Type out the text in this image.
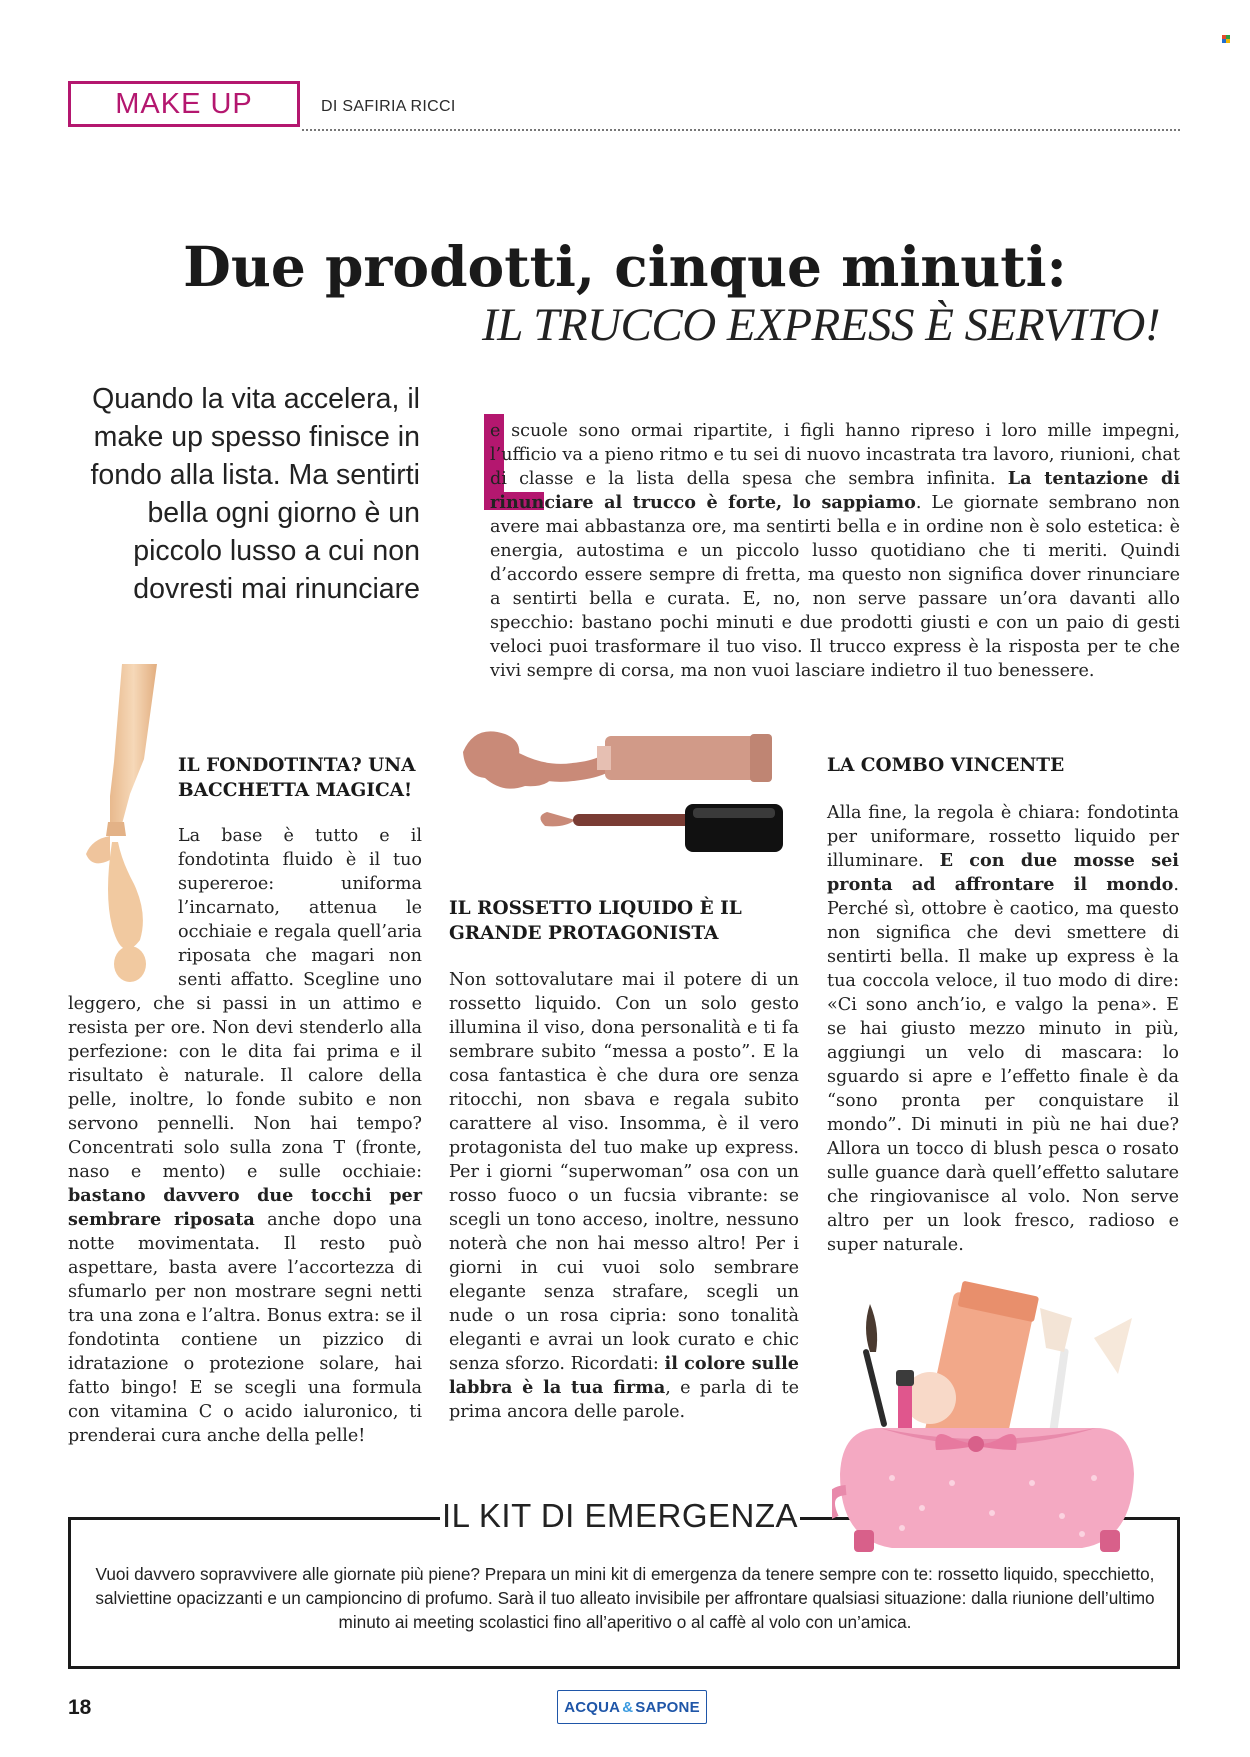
MAKE UP	DI SAFIRIA RICCI
Due prodotti, cinque minuti:
IL TRUCCO EXPRESS È SERVITO!
Quando la vita accelera, il make up spesso finisce in fondo alla lista. Ma sentirti bella ogni giorno è un piccolo lusso a cui non dovresti mai rinunciare
e scuole sono ormai ripartite, i figli hanno ripreso i loro mille impegni, l’ufficio va a pieno ritmo e tu sei di nuovo incastrata tra lavoro, riunioni, chat di classe e la lista della spesa che sembra infinita. La tentazione di rinunciare al trucco è forte, lo sappiamo. Le giornate sembrano non avere mai abbastanza ore, ma sentirti bella e in ordine non è solo estetica: è energia, autostima e un piccolo lusso quotidiano che ti meriti. Quindi d’accordo essere sempre di fretta, ma questo non significa dover rinunciare a sentirti bella e curata. E, no, non serve passare un’ora davanti allo specchio: bastano pochi minuti e due prodotti giusti e con un paio di gesti veloci puoi trasformare il tuo viso. Il trucco express è la risposta per te che vivi sempre di corsa, ma non vuoi lasciare indietro il tuo benessere.
IL FONDOTINTA? UNA BACCHETTA MAGICA!
La base è tutto e il fondotinta fluido è il tuo supereroe: uniforma l’incarnato, attenua le occhiaie e regala quell’aria riposata che magari non senti affatto. Scegline uno leggero, che si passi in un attimo e resista per ore. Non devi stenderlo alla perfezione: con le dita fai prima e il risultato è naturale. Il calore della pelle, inoltre, lo fonde subito e non servono pennelli. Non hai tempo? Concentrati solo sulla zona T (fronte, naso e mento) e sulle occhiaie: bastano davvero due tocchi per sembrare riposata anche dopo una notte movimentata. Il resto può aspettare, basta avere l’accortezza di sfumarlo per non mostrare segni netti tra una zona e l’altra. Bonus extra: se il fondotinta contiene un pizzico di idratazione o protezione solare, hai fatto bingo! E se scegli una formula con vitamina C o acido ialuronico, ti prenderai cura anche della pelle!
IL ROSSETTO LIQUIDO È IL GRANDE PROTAGONISTA
Non sottovalutare mai il potere di un rossetto liquido. Con un solo gesto illumina il viso, dona personalità e ti fa sembrare subito “messa a posto”. E la cosa fantastica è che dura ore senza ritocchi, non sbava e regala subito carattere al viso. Insomma, è il vero protagonista del tuo make up express. Per i giorni “superwoman” osa con un rosso fuoco o un fucsia vibrante: se scegli un tono acceso, inoltre, nessuno noterà che non hai messo altro! Per i giorni in cui vuoi solo sembrare elegante senza strafare, scegli un nude o un rosa cipria: sono tonalità eleganti e avrai un look curato e chic senza sforzo. Ricordati: il colore sulle labbra è la tua firma, e parla di te prima ancora delle parole.
LA COMBO VINCENTE
Alla fine, la regola è chiara: fondotinta per uniformare, rossetto liquido per illuminare. E con due mosse sei pronta ad affrontare il mondo. Perché sì, ottobre è caotico, ma questo non significa che devi smettere di sentirti bella. Il make up express è la tua coccola veloce, il tuo modo di dire: «Ci sono anch’io, e valgo la pena». E se hai giusto mezzo minuto in più, aggiungi un velo di mascara: lo sguardo si apre e l’effetto finale è da “sono pronta per conquistare il mondo”. Di minuti in più ne hai due? Allora un tocco di blush pesca o rosato sulle guance darà quell’effetto salutare che ringiovanisce al volo. Non serve altro per un look fresco, radioso e super naturale.
IL KIT DI EMERGENZA
Vuoi davvero sopravvivere alle giornate più piene? Prepara un mini kit di emergenza da tenere sempre con te: rossetto liquido, specchietto, salviettine opacizzanti e un campioncino di profumo. Sarà il tuo alleato invisibile per affrontare qualsiasi situazione: dalla riunione dell’ultimo minuto ai meeting scolastici fino all’aperitivo o al caffè al volo con un’amica.
18	ACQUA & SAPONE
